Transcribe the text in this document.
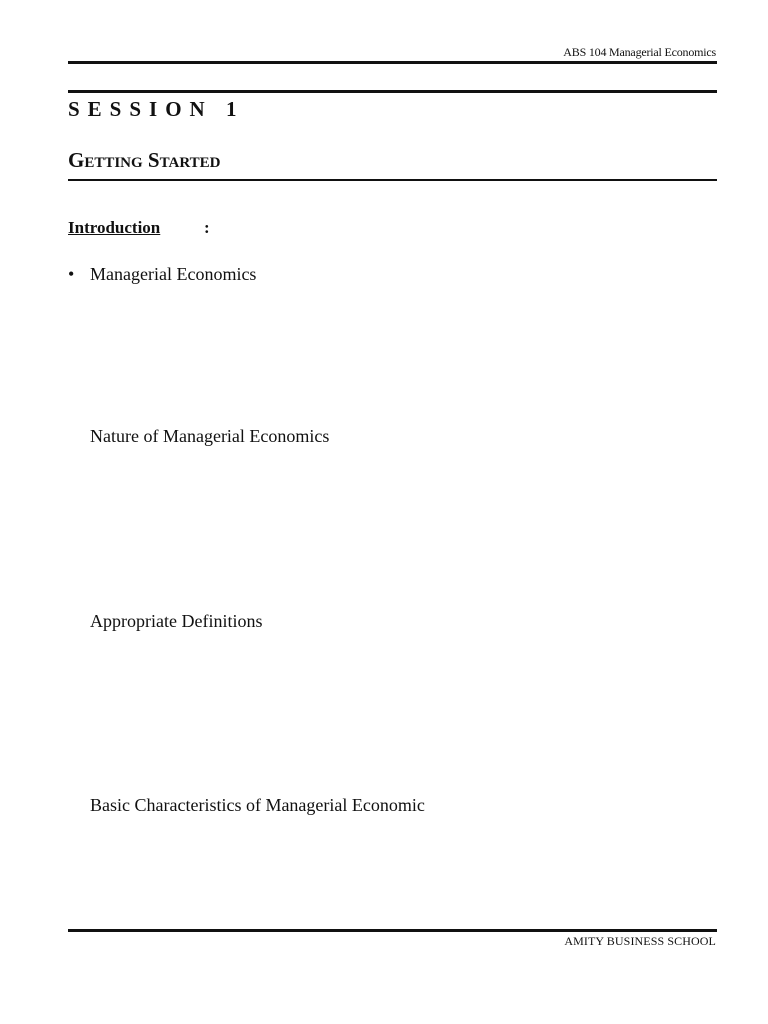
ABS 104 Managerial Economics
SESSION 1
Getting Started
Introduction	:
• Managerial Economics
Nature of Managerial Economics
Appropriate Definitions
Basic Characteristics of Managerial Economic
AMITY BUSINESS SCHOOL
